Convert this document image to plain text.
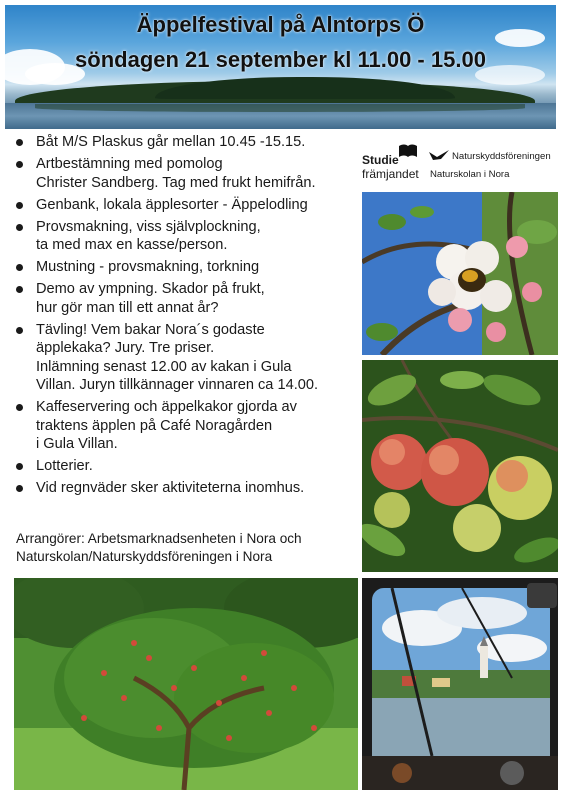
Äppelfestival på Alntorps Ö
söndagen 21 september kl 11.00 - 15.00
Båt M/S Plaskus går mellan 10.45 -15.15.
Artbestämning med pomolog
Christer Sandberg. Tag med frukt hemifrån.
Genbank, lokala äpplesorter - Äppelodling
Provsmakning, viss självplockning,
ta med max en kasse/person.
Mustning - provsmakning, torkning
Demo av ympning. Skador på frukt,
hur gör man till ett annat år?
Tävling! Vem bakar Nora´s godaste
äpplekaka? Jury. Tre priser.
Inlämning senast 12.00 av kakan i Gula
Villan. Juryn tillkännager vinnaren ca 14.00.
Kaffeservering och äppelkakor gjorda av
traktens äpplen på Café Noragården
i Gula Villan.
Lotterier.
Vid regnväder sker aktiviteterna inomhus.

Arrangörer: Arbetsmarknadsenheten i Nora och
Naturskolan/Naturskyddsföreningen i Nora

Studie
främjandet
Naturskyddsföreningen
Naturskolan i Nora
